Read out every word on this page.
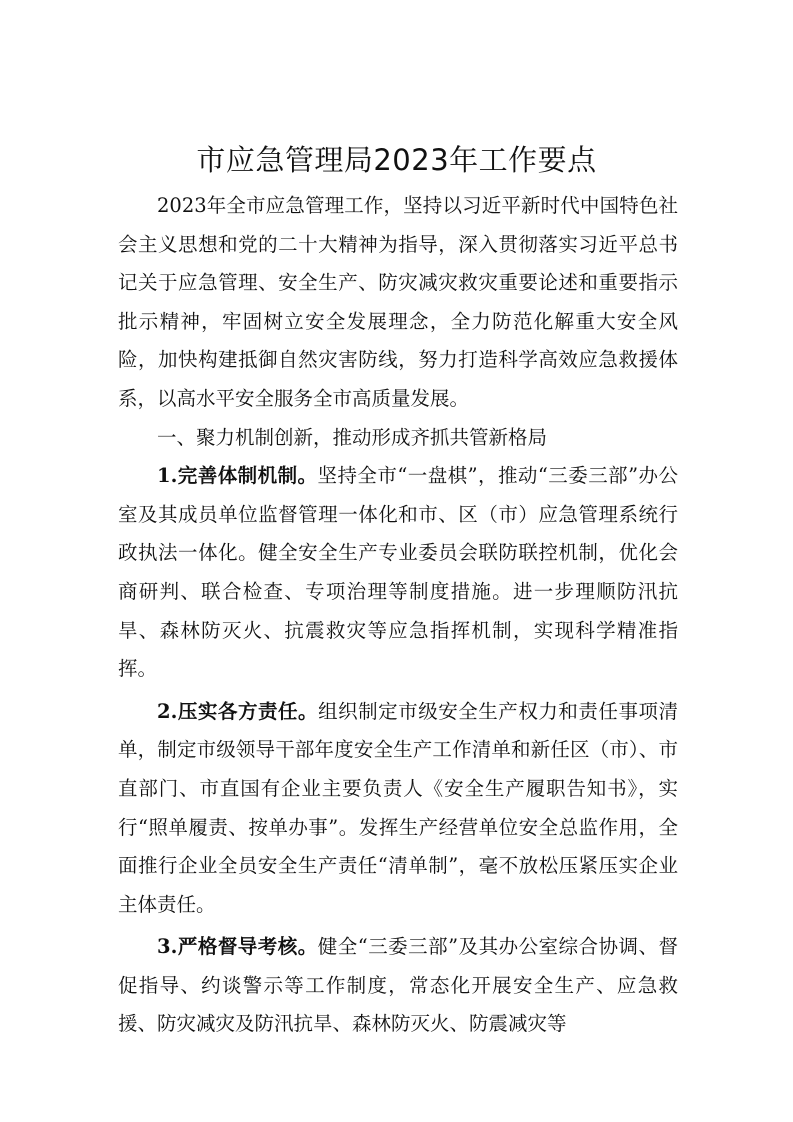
市应急管理局2023年工作要点

2023年全市应急管理工作，坚持以习近平新时代中国特色社会主义思想和党的二十大精神为指导，深入贯彻落实习近平总书记关于应急管理、安全生产、防灾减灾救灾重要论述和重要指示批示精神，牢固树立安全发展理念，全力防范化解重大安全风险，加快构建抵御自然灾害防线，努力打造科学高效应急救援体系，以高水平安全服务全市高质量发展。

一、聚力机制创新，推动形成齐抓共管新格局

1.完善体制机制。坚持全市“一盘棋”，推动“三委三部”办公室及其成员单位监督管理一体化和市、区（市）应急管理系统行政执法一体化。健全安全生产专业委员会联防联控机制，优化会商研判、联合检查、专项治理等制度措施。进一步理顺防汛抗旱、森林防灭火、抗震救灾等应急指挥机制，实现科学精准指挥。

2.压实各方责任。组织制定市级安全生产权力和责任事项清单，制定市级领导干部年度安全生产工作清单和新任区（市）、市直部门、市直国有企业主要负责人《安全生产履职告知书》，实行“照单履责、按单办事”。发挥生产经营单位安全总监作用，全面推行企业全员安全生产责任“清单制”，毫不放松压紧压实企业主体责任。

3.严格督导考核。健全“三委三部”及其办公室综合协调、督促指导、约谈警示等工作制度，常态化开展安全生产、应急救援、防灾减灾及防汛抗旱、森林防灭火、防震减灾等
